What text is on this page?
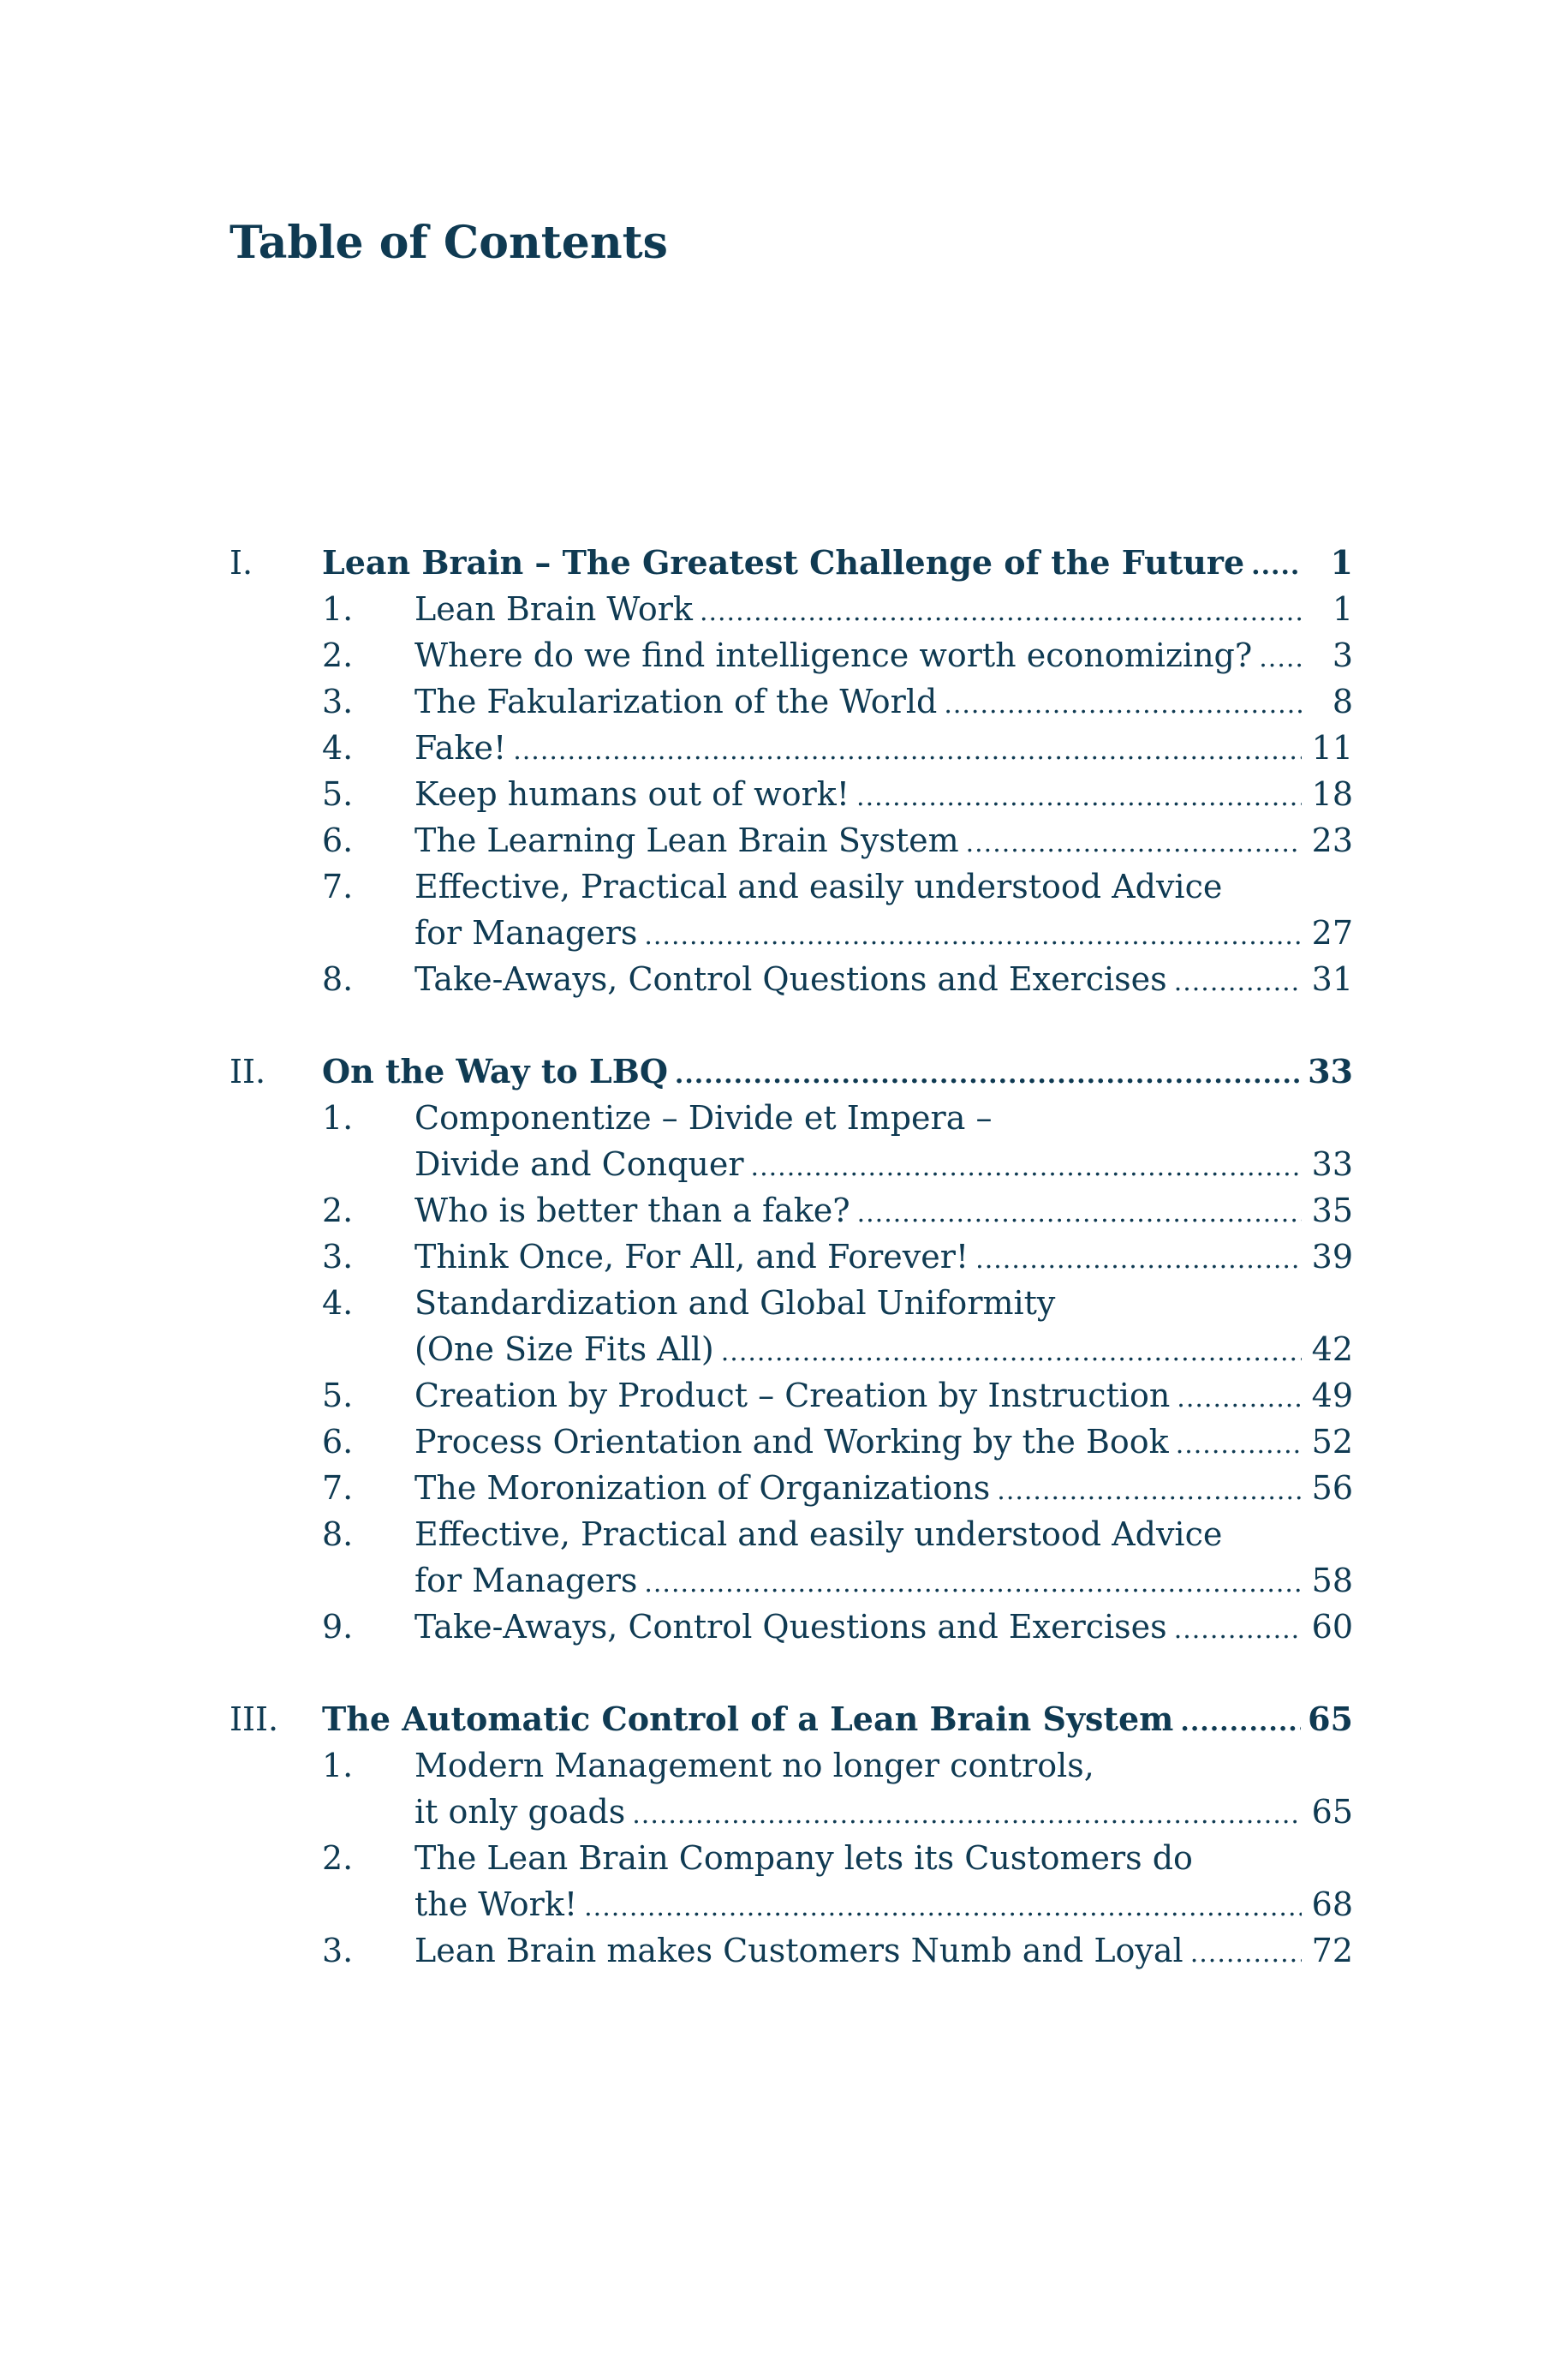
Table of Contents
I.	Lean Brain – The Greatest Challenge of the Future .....	1
1.	Lean Brain Work .....	1
2.	Where do we find intelligence worth economizing? .....	3
3.	The Fakularization of the World .....	8
4.	Fake! .....	11
5.	Keep humans out of work! .....	18
6.	The Learning Lean Brain System .....	23
7.	Effective, Practical and easily understood Advice
for Managers .....	27
8.	Take-Aways, Control Questions and Exercises .....	31
II.	On the Way to LBQ .....	33
1.	Componentize – Divide et Impera –
Divide and Conquer .....	33
2.	Who is better than a fake? .....	35
3.	Think Once, For All, and Forever! .....	39
4.	Standardization and Global Uniformity
(One Size Fits All) .....	42
5.	Creation by Product – Creation by Instruction .....	49
6.	Process Orientation and Working by the Book .....	52
7.	The Moronization of Organizations .....	56
8.	Effective, Practical and easily understood Advice
for Managers .....	58
9.	Take-Aways, Control Questions and Exercises .....	60
III.	The Automatic Control of a Lean Brain System .....	65
1.	Modern Management no longer controls,
it only goads .....	65
2.	The Lean Brain Company lets its Customers do
the Work! .....	68
3.	Lean Brain makes Customers Numb and Loyal .....	72
